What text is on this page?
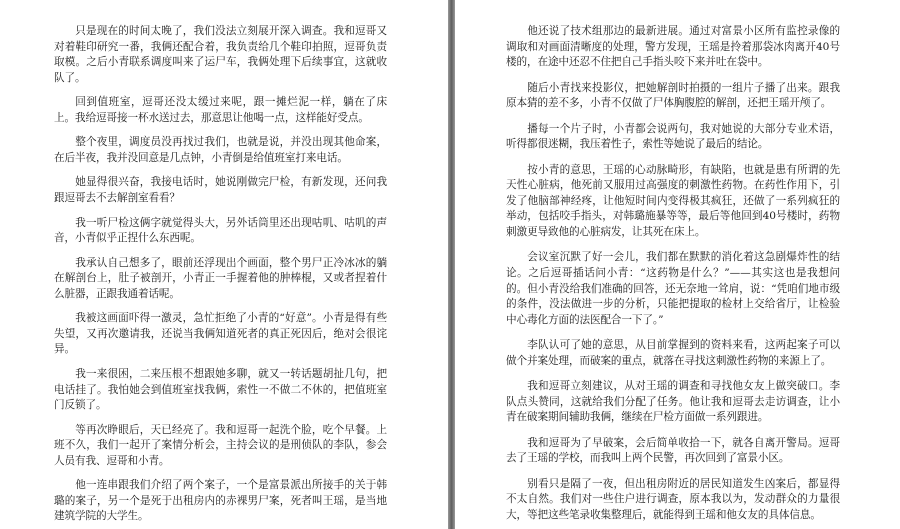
只是现在的时间太晚了，我们没法立刻展开深入调查。我和逗哥又对着鞋印研究一番，我俩还配合着，我负责给几个鞋印拍照，逗哥负责取模。之后小青联系调度叫来了运尸车，我俩处理下后续事宜，这就收队了。

回到值班室，逗哥还没太缓过来呢，跟一摊烂泥一样，躺在了床上。我给逗哥接一杯水送过去，那意思让他喝一点，这样能好受点。

整个夜里，调度员没再找过我们，也就是说，并没出现其他命案，在后半夜，我并没回意是几点钟，小青倒是给值班室打来电话。

她显得很兴奋，我接电话时，她说刚做完尸检，有新发现，还问我跟逗哥去不去解剖室看看？

我一听尸检这俩字就觉得头大，另外话筒里还出现咕叽、咕叽的声音，小青似乎正捏什么东西呢。

我承认自己想多了，眼前还浮现出个画面，整个男尸正冷冰冰的躺在解剖台上，肚子被剖开，小青正一手握着他的肿棒棍，又或者捏着什么脏器，正跟我通着话呢。

我被这画面吓得一激灵，急忙拒绝了小青的“好意”。小青是得有些失望，又再次邀请我，还说当我俩知道死者的真正死因后，绝对会很诧异。

我一来很困，二来压根不想跟她多聊，就又一转话题胡扯几句，把电话挂了。我怕她会到值班室找我俩，索性一不做二不休的，把值班室门反锁了。

等再次睁眼后，天已经亮了。我和逗哥一起洗个脸，吃个早餐。上班不久，我们一起开了案情分析会，主持会议的是刑侦队的李队，参会人员有我、逗哥和小青。

他一连串跟我们介绍了两个案子，一个是富景派出所接手的关于韩璐的案子，另一个是死于出租房内的赤裸男尸案，死者叫王瑶，是当地建筑学院的大学生。

他还说了技术组那边的最新进展。通过对富景小区所有监控录像的调取和对画面清晰度的处理，警方发现，王瑶是拎着那袋冰肉离开40号楼的，在途中还忍不住把自己手指头咬下来并吐在袋中。

随后小青找来投影仪，把她解剖时拍摄的一组片子播了出来。跟我原本猜的差不多，小青不仅做了尸体胸腹腔的解剖，还把王瑶开颅了。

播每一个片子时，小青都会说两句，我对她说的大部分专业术语，听得都很迷糊，我压着性子，索性等她说了最后的结论。

按小青的意思，王瑶的心动脉畸形，有缺陷，也就是患有所谓的先天性心脏病，他死前又服用过高强度的刺激性药物。在药性作用下，引发了他脑部神经疼，让他短时间内变得极其疯狂，还做了一系列疯狂的举动，包括咬手指头，对韩璐施暴等等，最后等他回到40号楼时，药物刺激更导致他的心脏病发，让其死在床上。

会议室沉默了好一会儿，我们都在默默的消化着这急剧爆炸性的结论。之后逗哥插话问小青：“这药物是什么？”——其实这也是我想问的。但小青没给我们准确的回答，还无奈地一耸肩，说：“凭咱们地市级的条件，没法做进一步的分析，只能把提取的检材上交给省厅，让检验中心毒化方面的法医配合一下了。”

李队认可了她的意思，从目前掌握到的资料来看，这两起案子可以做个并案处理，而破案的重点，就落在寻找这刺激性药物的来源上了。

我和逗哥立刻建议，从对王瑶的调查和寻找他女友上做突破口。李队点头赞同，这就给我们分配了任务。他让我和逗哥去走访调查，让小青在破案期间辅助我俩，继续在尸检方面做一系列跟进。

我和逗哥为了早破案，会后简单收拾一下，就各自离开警局。逗哥去了王瑶的学校，而我叫上两个民警，再次回到了富景小区。

别看只是隔了一夜，但出租房附近的居民知道发生凶案后，都显得不太自然。我们对一些住户进行调查，原本我以为，发动群众的力量很大，等把这些笔录收集整理后，就能得到王瑶和他女友的具体信息。
